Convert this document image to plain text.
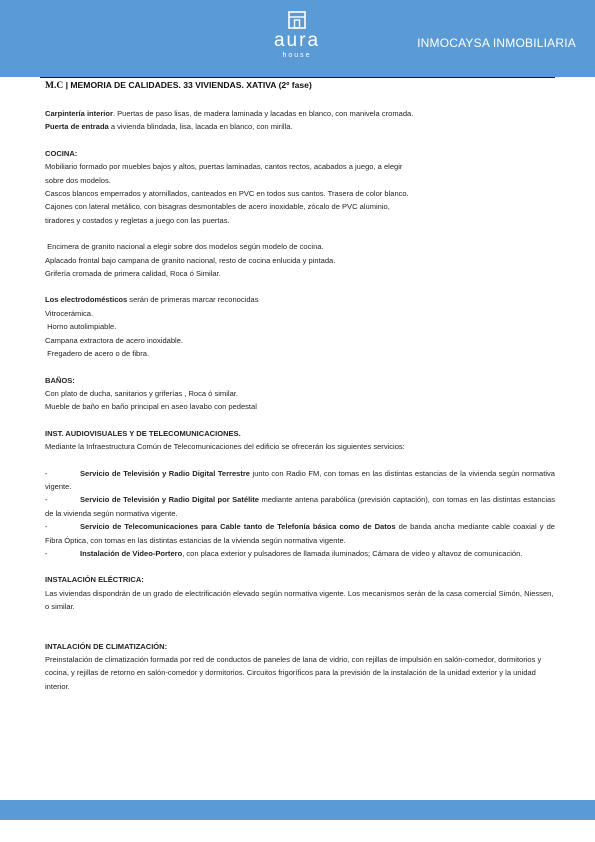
aura
house
INMOCAYSA INMOBILIARIA
M.C | MEMORIA DE CALIDADES. 33 VIVIENDAS. XATIVA (2º fase)

Carpintería interior. Puertas de paso lisas, de madera laminada y lacadas en blanco, con manivela cromada.

Puerta de entrada a vivienda blindada, lisa, lacada en blanco, con mirilla.

COCINA:

Mobiliario formado por muebles bajos y altos, puertas laminadas, cantos rectos, acabados a juego, a elegir

sobre dos modelos.

Cascos blancos emperrados y atornillados, canteados en PVC en todos sus cantos. Trasera de color blanco.

Cajones con lateral metálico, con bisagras desmontables de acero inoxidable, zócalo de PVC aluminio,

tiradores y costados y regletas a juego con las puertas.

Encimera de granito nacional a elegir sobre dos modelos según modelo de cocina.

Aplacado frontal bajo campana de granito nacional, resto de cocina enlucida y pintada.

Grifería cromada de primera calidad, Roca ó Similar.

Los electrodomésticos serán de primeras marcar reconocidas

Vitrocerámica.

Horno autolimpiable.

Campana extractora de acero inoxidable.

Fregadero de acero o de fibra.

BAÑOS:

Con plato de ducha, sanitarios y griferías , Roca ó similar.

Mueble de baño en baño principal en aseo lavabo con pedestal

INST. AUDIOVISUALES Y DE TELECOMUNICACIONES.

Mediante la Infraestructura Común de Telecomunicaciones del edificio se ofrecerán los siguientes servicios:

-	Servicio de Televisión y Radio Digital Terrestre junto con Radio FM, con tomas en las distintas estancias de la vivienda según normativa vigente.

-	Servicio de Televisión y Radio Digital por Satélite mediante antena parabólica (previsión captación), con tomas en las distintas estancias de la vivienda según normativa vigente.

-	Servicio de Telecomunicaciones para Cable tanto de Telefonía básica como de Datos de banda ancha mediante cable coaxial y de Fibra Óptica, con tomas en las distintas estancias de la vivienda según normativa vigente.

-	Instalación de Video-Portero, con placa exterior y pulsadores de llamada iluminados; Cámara de video y altavoz de comunicación.

INSTALACIÓN ELÉCTRICA:

Las viviendas dispondrán de un grado de electrificación elevado según normativa vigente. Los mecanismos serán de la casa comercial Simón, Niessen, o similar.

INTALACIÓN DE CLIMATIZACIÓN:

Preinstalación de climatización formada por red de conductos de paneles de lana de vidrio, con rejillas de impulsión en salón-comedor, dormitorios y cocina, y rejillas de retorno en salón-comedor y dormitorios. Circuitos frigoríficos para la previsión de la instalación de la unidad exterior y la unidad interior.
